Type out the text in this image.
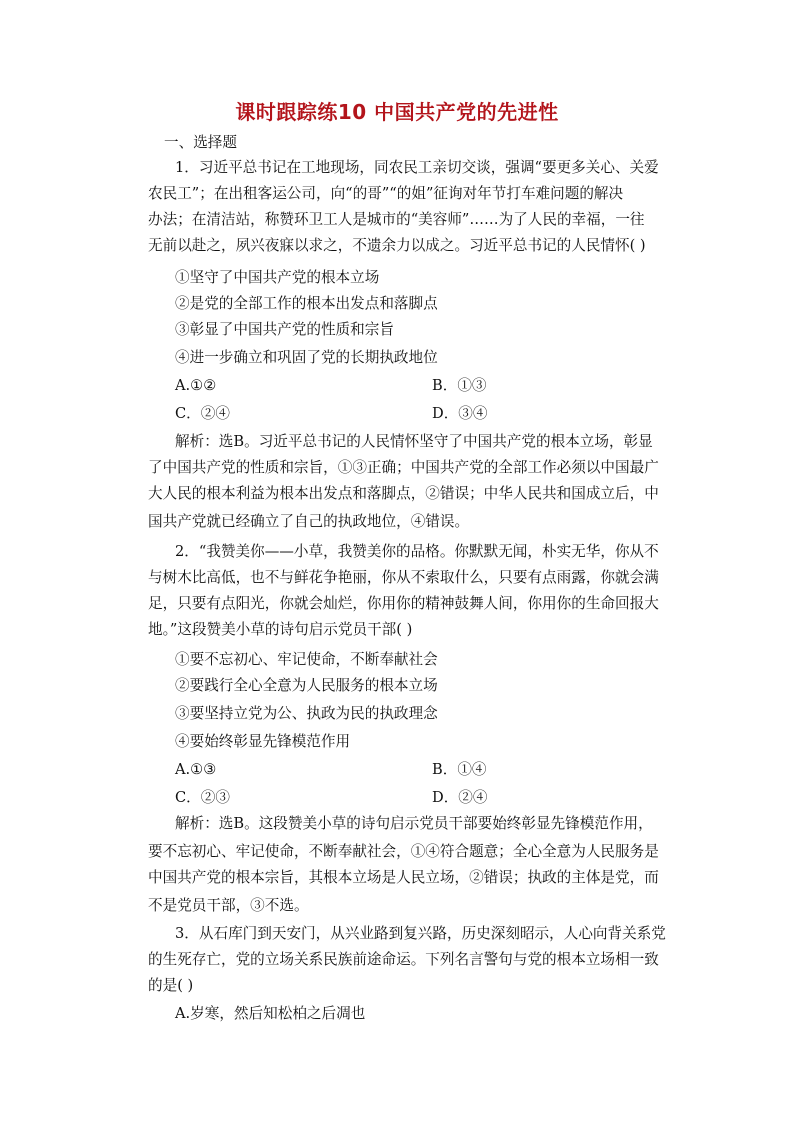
课时跟踪练10 中国共产党的先进性
一、选择题
1．习近平总书记在工地现场，同农民工亲切交谈，强调“要更多关心、关爱
农民工”；在出租客运公司，向“的哥”“的姐”征询对年节打车难问题的解决
办法；在清洁站，称赞环卫工人是城市的“美容师”……为了人民的幸福，一往
无前以赴之，夙兴夜寐以求之，不遗余力以成之。习近平总书记的人民情怀( )
①坚守了中国共产党的根本立场
②是党的全部工作的根本出发点和落脚点
③彰显了中国共产党的性质和宗旨
④进一步确立和巩固了党的长期执政地位
A.①②	B．①③
C．②④	D．③④
解析：选B。习近平总书记的人民情怀坚守了中国共产党的根本立场，彰显
了中国共产党的性质和宗旨，①③正确；中国共产党的全部工作必须以中国最广
大人民的根本利益为根本出发点和落脚点，②错误；中华人民共和国成立后，中
国共产党就已经确立了自己的执政地位，④错误。
2．“我赞美你——小草，我赞美你的品格。你默默无闻，朴实无华，你从不
与树木比高低，也不与鲜花争艳丽，你从不索取什么，只要有点雨露，你就会满
足，只要有点阳光，你就会灿烂，你用你的精神鼓舞人间，你用你的生命回报大
地。”这段赞美小草的诗句启示党员干部( )
①要不忘初心、牢记使命，不断奉献社会
②要践行全心全意为人民服务的根本立场
③要坚持立党为公、执政为民的执政理念
④要始终彰显先锋模范作用
A.①③	B．①④
C．②③	D．②④
解析：选B。这段赞美小草的诗句启示党员干部要始终彰显先锋模范作用，
要不忘初心、牢记使命，不断奉献社会，①④符合题意；全心全意为人民服务是
中国共产党的根本宗旨，其根本立场是人民立场，②错误；执政的主体是党，而
不是党员干部，③不选。
3．从石库门到天安门，从兴业路到复兴路，历史深刻昭示，人心向背关系党
的生死存亡，党的立场关系民族前途命运。下列名言警句与党的根本立场相一致
的是( )
A.岁寒，然后知松柏之后凋也
